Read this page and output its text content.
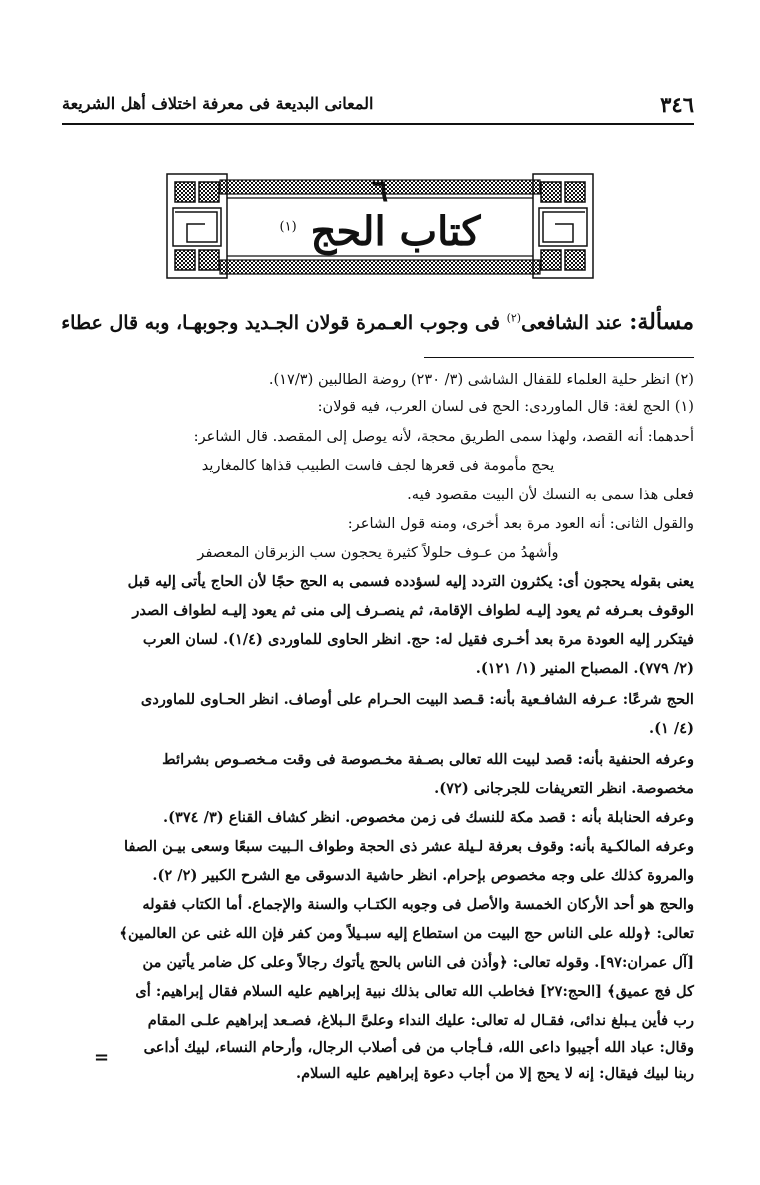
٣٤٦
المعانى البديعة فى معرفة اختلاف أهل الشريعة
٦
كتاب الحج $^{(١)}$
مسألة: عند الشافعى$^{(٢)}$ فى وجوب العـمرة قولان الجـديد وجوبهـا، وبه قال عطاء
(٢) انظر حلية العلماء للقفال الشاشى (٣/ ٢٣٠) روضة الطالبين (١٧/٣).
(١) الحج لغة: قال الماوردى: الحج فى لسان العرب، فيه قولان:
أحدهما: أنه القصد، ولهذا سمى الطريق محجة، لأنه يوصل إلى المقصد. قال الشاعر:
يحج مأمومة فى قعرها لجف فاست الطبيب قذاها كالمغاريد
فعلى هذا سمى به النسك لأن البيت مقصود فيه.
والقول الثانى: أنه العود مرة بعد أخرى، ومنه قول الشاعر:
وأشهدُ من عـوف حلولاً كثيرة يحجون سب الزبرقان المعصفر
يعنى بقوله يحجون أى: يكثرون التردد إليه لسؤدده فسمى به الحج حجًا لأن الحاج يأتى إليه قبل
الوقوف بعـرفه ثم يعود إليـه لطواف الإقامة، ثم ينصـرف إلى منى ثم يعود إليـه لطواف الصدر
فيتكرر إليه العودة مرة بعد أخـرى فقيل له: حج. انظر الحاوى للماوردى (١/٤). لسان العرب
(٢/ ٧٧٩). المصباح المنير (١/ ١٢١).
الحج شرعًا: عـرفه الشافـعية بأنه: قـصد البيت الحـرام على أوصاف. انظر الحـاوى للماوردى
(٤/ ١).
وعرفه الحنفية بأنه: قصد لبيت الله تعالى بصـفة مخـصوصة فى وقت مـخصـوص بشرائط
مخصوصة. انظر التعريفات للجرجانى (٧٢).
وعرفه الحنابلة بأنه : قصد مكة للنسك فى زمن مخصوص. انظر كشاف القناع (٣/ ٣٧٤).
وعرفه المالكـية بأنه: وقوف بعرفة لـيلة عشر ذى الحجة وطواف الـبيت سبعًا وسعى بيـن الصفا
والمروة كذلك على وجه مخصوص بإحرام. انظر حاشية الدسوقى مع الشرح الكبير (٢/ ٢).
والحج هو أحد الأركان الخمسة والأصل فى وجوبه الكتـاب والسنة والإجماع. أما الكتاب فقوله
تعالى: ﴿ولله على الناس حج البيت من استطاع إليه سبـيلاً ومن كفر فإن الله غنى عن العالمين﴾
[آل عمران:٩٧]. وقوله تعالى: ﴿وأذن فى الناس بالحج يأتوك رجالاً وعلى كل ضامر يأتين من
كل فج عميق﴾ [الحج:٢٧] فخاطب الله تعالى بذلك نبية إبراهيم عليه السلام فقال إبراهيم: أى
رب فأين يـبلغ ندائى، فقـال له تعالى: عليك النداء وعلىَّ الـبلاغ، فصـعد إبراهيم علـى المقام
وقال: عباد الله أجيبوا داعى الله، فـأجاب من فى أصلاب الرجال، وأرحام النساء، لبيك أداعى
ربنا لبيك فيقال: إنه لا يحج إلا من أجاب دعوة إبراهيم عليه السلام.
=
